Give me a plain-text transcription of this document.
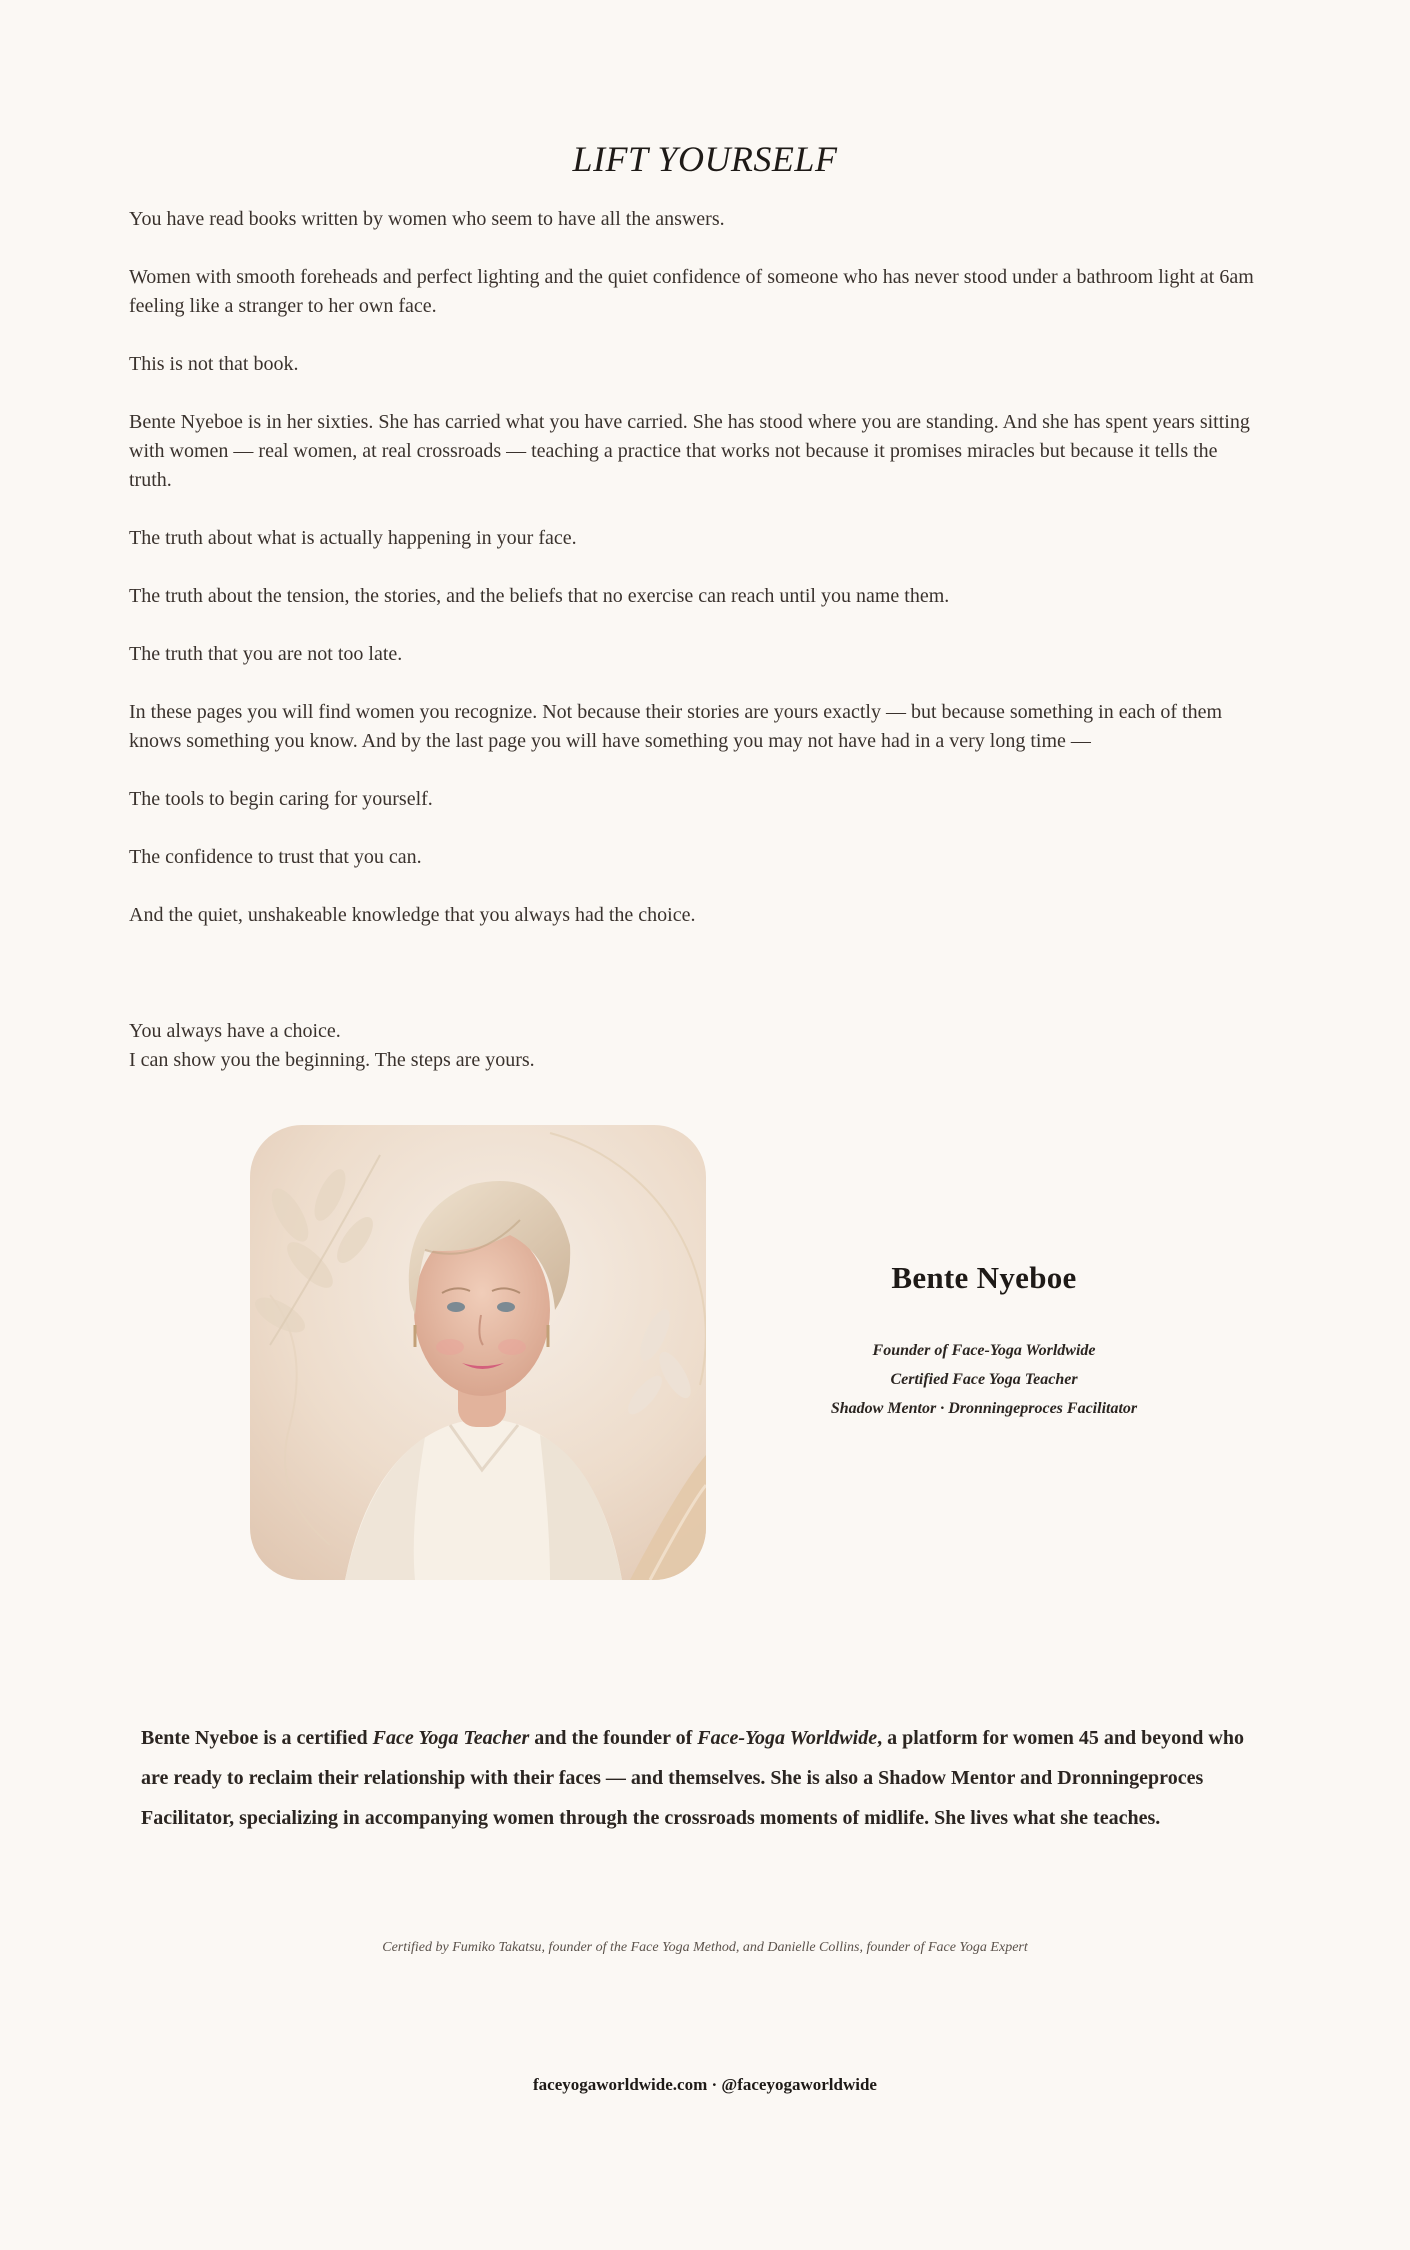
LIFT YOURSELF

You have read books written by women who seem to have all the answers.

Women with smooth foreheads and perfect lighting and the quiet confidence of someone who has never stood under a bathroom light at 6am feeling like a stranger to her own face.

This is not that book.

Bente Nyeboe is in her sixties. She has carried what you have carried. She has stood where you are standing. And she has spent years sitting with women — real women, at real crossroads — teaching a practice that works not because it promises miracles but because it tells the truth.

The truth about what is actually happening in your face.

The truth about the tension, the stories, and the beliefs that no exercise can reach until you name them.

The truth that you are not too late.

In these pages you will find women you recognize. Not because their stories are yours exactly — but because something in each of them knows something you know. And by the last page you will have something you may not have had in a very long time —

The tools to begin caring for yourself.

The confidence to trust that you can.

And the quiet, unshakeable knowledge that you always had the choice.

You always have a choice.
I can show you the beginning. The steps are yours.
Bente Nyeboe
Founder of Face-Yoga Worldwide
Certified Face Yoga Teacher
Shadow Mentor · Dronningeproces Facilitator
Bente Nyeboe is a certified Face Yoga Teacher and the founder of Face-Yoga Worldwide, a platform for women 45 and beyond who are ready to reclaim their relationship with their faces — and themselves. She is also a Shadow Mentor and Dronningeproces Facilitator, specializing in accompanying women through the crossroads moments of midlife. She lives what she teaches.
Certified by Fumiko Takatsu, founder of the Face Yoga Method, and Danielle Collins, founder of Face Yoga Expert
faceyogaworldwide.com · @faceyogaworldwide
